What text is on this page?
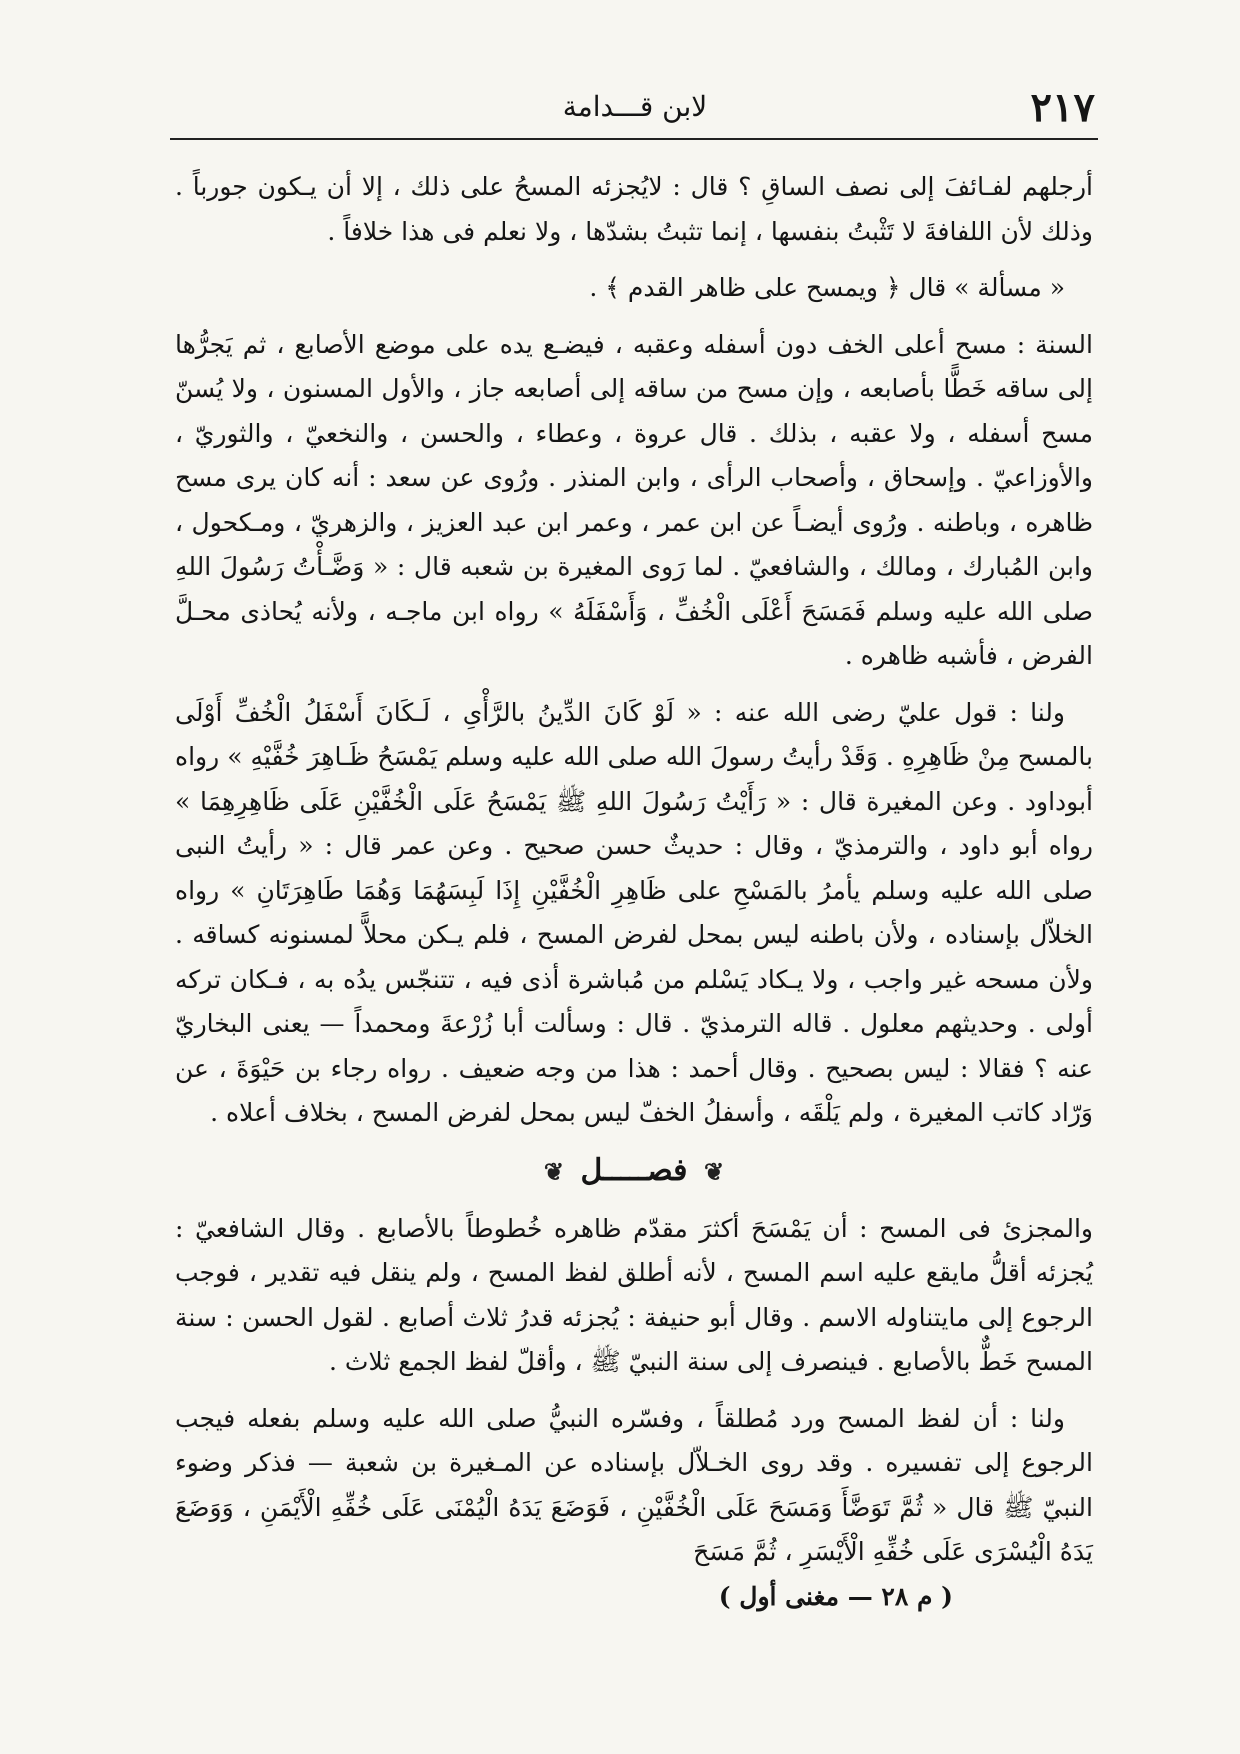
٢١٧
لابن قـــدامة

أرجلهم لفـائفَ إلى نصف الساقِ ؟ قال : لايُجزئه المسحُ على ذلك ، إلا أن يـكون جورباً . وذلك لأن اللفافةَ لا تَثْبتُ بنفسها ، إنما تثبتُ بشدّها ، ولا نعلم فى هذا خلافاً .

« مسألة » قال ﴿ ويمسح على ظاهر القدم ﴾ .

السنة : مسح أعلى الخف دون أسفله وعقبه ، فيضـع يده على موضع الأصابع ، ثم يَجرُّها إلى ساقه خَطًّا بأصابعه ، وإن مسح من ساقه إلى أصابعه جاز ، والأول المسنون ، ولا يُسنّ مسح أسفله ، ولا عقبه ، بذلك . قال عروة ، وعطاء ، والحسن ، والنخعيّ ، والثوريّ ، والأوزاعيّ . وإسحاق ، وأصحاب الرأى ، وابن المنذر . ورُوى عن سعد : أنه كان يرى مسح ظاهره ، وباطنه . ورُوى أيضـاً عن ابن عمر ، وعمر ابن عبد العزيز ، والزهريّ ، ومـكحول ، وابن المُبارك ، ومالك ، والشافعيّ . لما رَوى المغيرة بن شعبه قال : « وَضَّـأْتُ رَسُولَ اللهِ صلى الله عليه وسلم فَمَسَحَ أَعْلَى الْخُفِّ ، وَأَسْفَلَهُ » رواه ابن ماجـه ، ولأنه يُحاذى محـلَّ الفرض ، فأشبه ظاهره .

ولنا : قول عليّ رضى الله عنه : « لَوْ كَانَ الدِّينُ بالرَّأْىِ ، لَـكَانَ أَسْفَلُ الْخُفِّ أَوْلَى بالمسح مِنْ ظَاهِرِهِ . وَقَدْ رأيتُ رسولَ الله صلى الله عليه وسلم يَمْسَحُ ظَـاهِرَ خُفَّيْهِ » رواه أبوداود . وعن المغيرة قال : « رَأَيْتُ رَسُولَ اللهِ ﷺ يَمْسَحُ عَلَى الْخُفَّيْنِ عَلَى ظَاهِرِهِمَا » رواه أبو داود ، والترمذيّ ، وقال : حديثٌ حسن صحيح . وعن عمر قال : « رأيتُ النبى صلى الله عليه وسلم يأمرُ بالمَسْحِ على ظَاهِرِ الْخُفَّيْنِ إِذَا لَبِسَهُمَا وَهُمَا طَاهِرَتَانِ » رواه الخلاّل بإسناده ، ولأن باطنه ليس بمحل لفرض المسح ، فلم يـكن محلاًّ لمسنونه كساقه . ولأن مسحه غير واجب ، ولا يـكاد يَسْلم من مُباشرة أذى فيه ، تتنجّس يدُه به ، فـكان تركه أولى . وحديثهم معلول . قاله الترمذيّ . قال : وسألت أبا زُرْعةَ ومحمداً — يعنى البخاريّ عنه ؟ فقالا : ليس بصحيح . وقال أحمد : هذا من وجه ضعيف . رواه رجاء بن حَيْوَةَ ، عن وَرّاد كاتب المغيرة ، ولم يَلْقَه ، وأسفلُ الخفّ ليس بمحل لفرض المسح ، بخلاف أعلاه .

❦ فصـــــل ❦

والمجزئ فى المسح : أن يَمْسَحَ أكثرَ مقدّم ظاهره خُطوطاً بالأصابع . وقال الشافعيّ : يُجزئه أقلُّ مايقع عليه اسم المسح ، لأنه أطلق لفظ المسح ، ولم ينقل فيه تقدير ، فوجب الرجوع إلى مايتناوله الاسم . وقال أبو حنيفة : يُجزئه قدرُ ثلاث أصابع . لقول الحسن : سنة المسح خَطٌّ بالأصابع . فينصرف إلى سنة النبيّ ﷺ ، وأقلّ لفظ الجمع ثلاث .

ولنا : أن لفظ المسح ورد مُطلقاً ، وفسّره النبيُّ صلى الله عليه وسلم بفعله فيجب الرجوع إلى تفسيره . وقد روى الخـلاّل بإسناده عن المـغيرة بن شعبة — فذكر وضوء النبيّ ﷺ قال « ثُمَّ تَوَضَّأَ وَمَسَحَ عَلَى الْخُفَّيْنِ ، فَوَضَعَ يَدَهُ الْيُمْنَى عَلَى خُفِّهِ الْأَيْمَنِ ، وَوَضَعَ يَدَهُ الْيُسْرَى عَلَى خُفِّهِ الْأَيْسَرِ ، ثُمَّ مَسَحَ

( م ٢٨ — مغنى أول )
